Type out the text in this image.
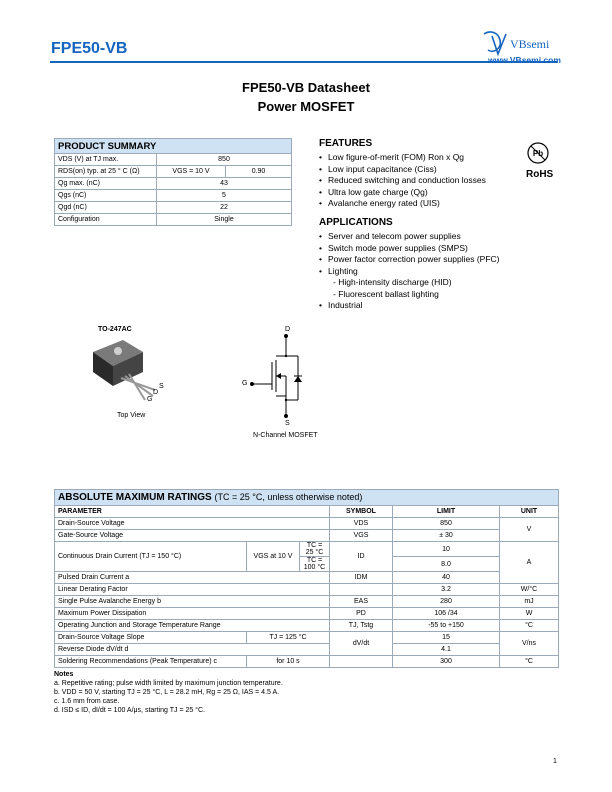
FPE50-VB	VBsemi
www.VBsemi.com
FPE50-VB Datasheet
Power MOSFET
PRODUCT SUMMARY		
VDS (V) at TJ max.	850	
RDS(on) typ. at 25 ° C (Ω)	VGS = 10 V	0.90
Qg max. (nC)	43	
Qgs (nC)	5	
Qgd (nC)	22	
Configuration	Single	
FEATURES
• Low figure-of-merit (FOM) Ron x Qg
• Low input capacitance (Ciss)
• Reduced switching and conduction losses
• Ultra low gate charge (Qg)
• Avalanche energy rated (UIS)
Pb
RoHS
APPLICATIONS
• Server and telecom power supplies
• Switch mode power supplies (SMPS)
• Power factor correction power supplies (PFC)
• Lighting
- High-intensity discharge (HID)
- Fluorescent ballast lighting
• Industrial
TO-247AC
S
D
G
Top View
D
G
S
N-Channel MOSFET
ABSOLUTE MAXIMUM RATINGS (TC = 25 °C, unless otherwise noted)					
PARAMETER			SYMBOL	LIMIT	UNIT
Drain-Source Voltage			VDS	850	V
Gate-Source Voltage			VGS	± 30	
Continuous Drain Current (TJ = 150 °C)	VGS at 10 V	TC = 25 °C	ID	10	A
		TC = 100 °C		8.0	
Pulsed Drain Current a			IDM	40	
Linear Derating Factor				3.2	W/°C
Single Pulse Avalanche Energy b			EAS	280	mJ
Maximum Power Dissipation			PD	106 /34	W
Operating Junction and Storage Temperature Range			TJ, Tstg	-55 to +150	°C
Drain-Source Voltage Slope	TJ = 125 °C		dV/dt	15	V/ns
Reverse Diode dV/dt d				4.1	
Soldering Recommendations (Peak Temperature) c	for 10 s			300	°C
Notes
a. Repetitive rating; pulse width limited by maximum junction temperature.
b. VDD = 50 V, starting TJ = 25 °C, L = 28.2 mH, Rg = 25 Ω, IAS = 4.5 A.
c. 1.6 mm from case.
d. ISD ≤ ID, dI/dt = 100 A/μs, starting TJ = 25 °C.
1
